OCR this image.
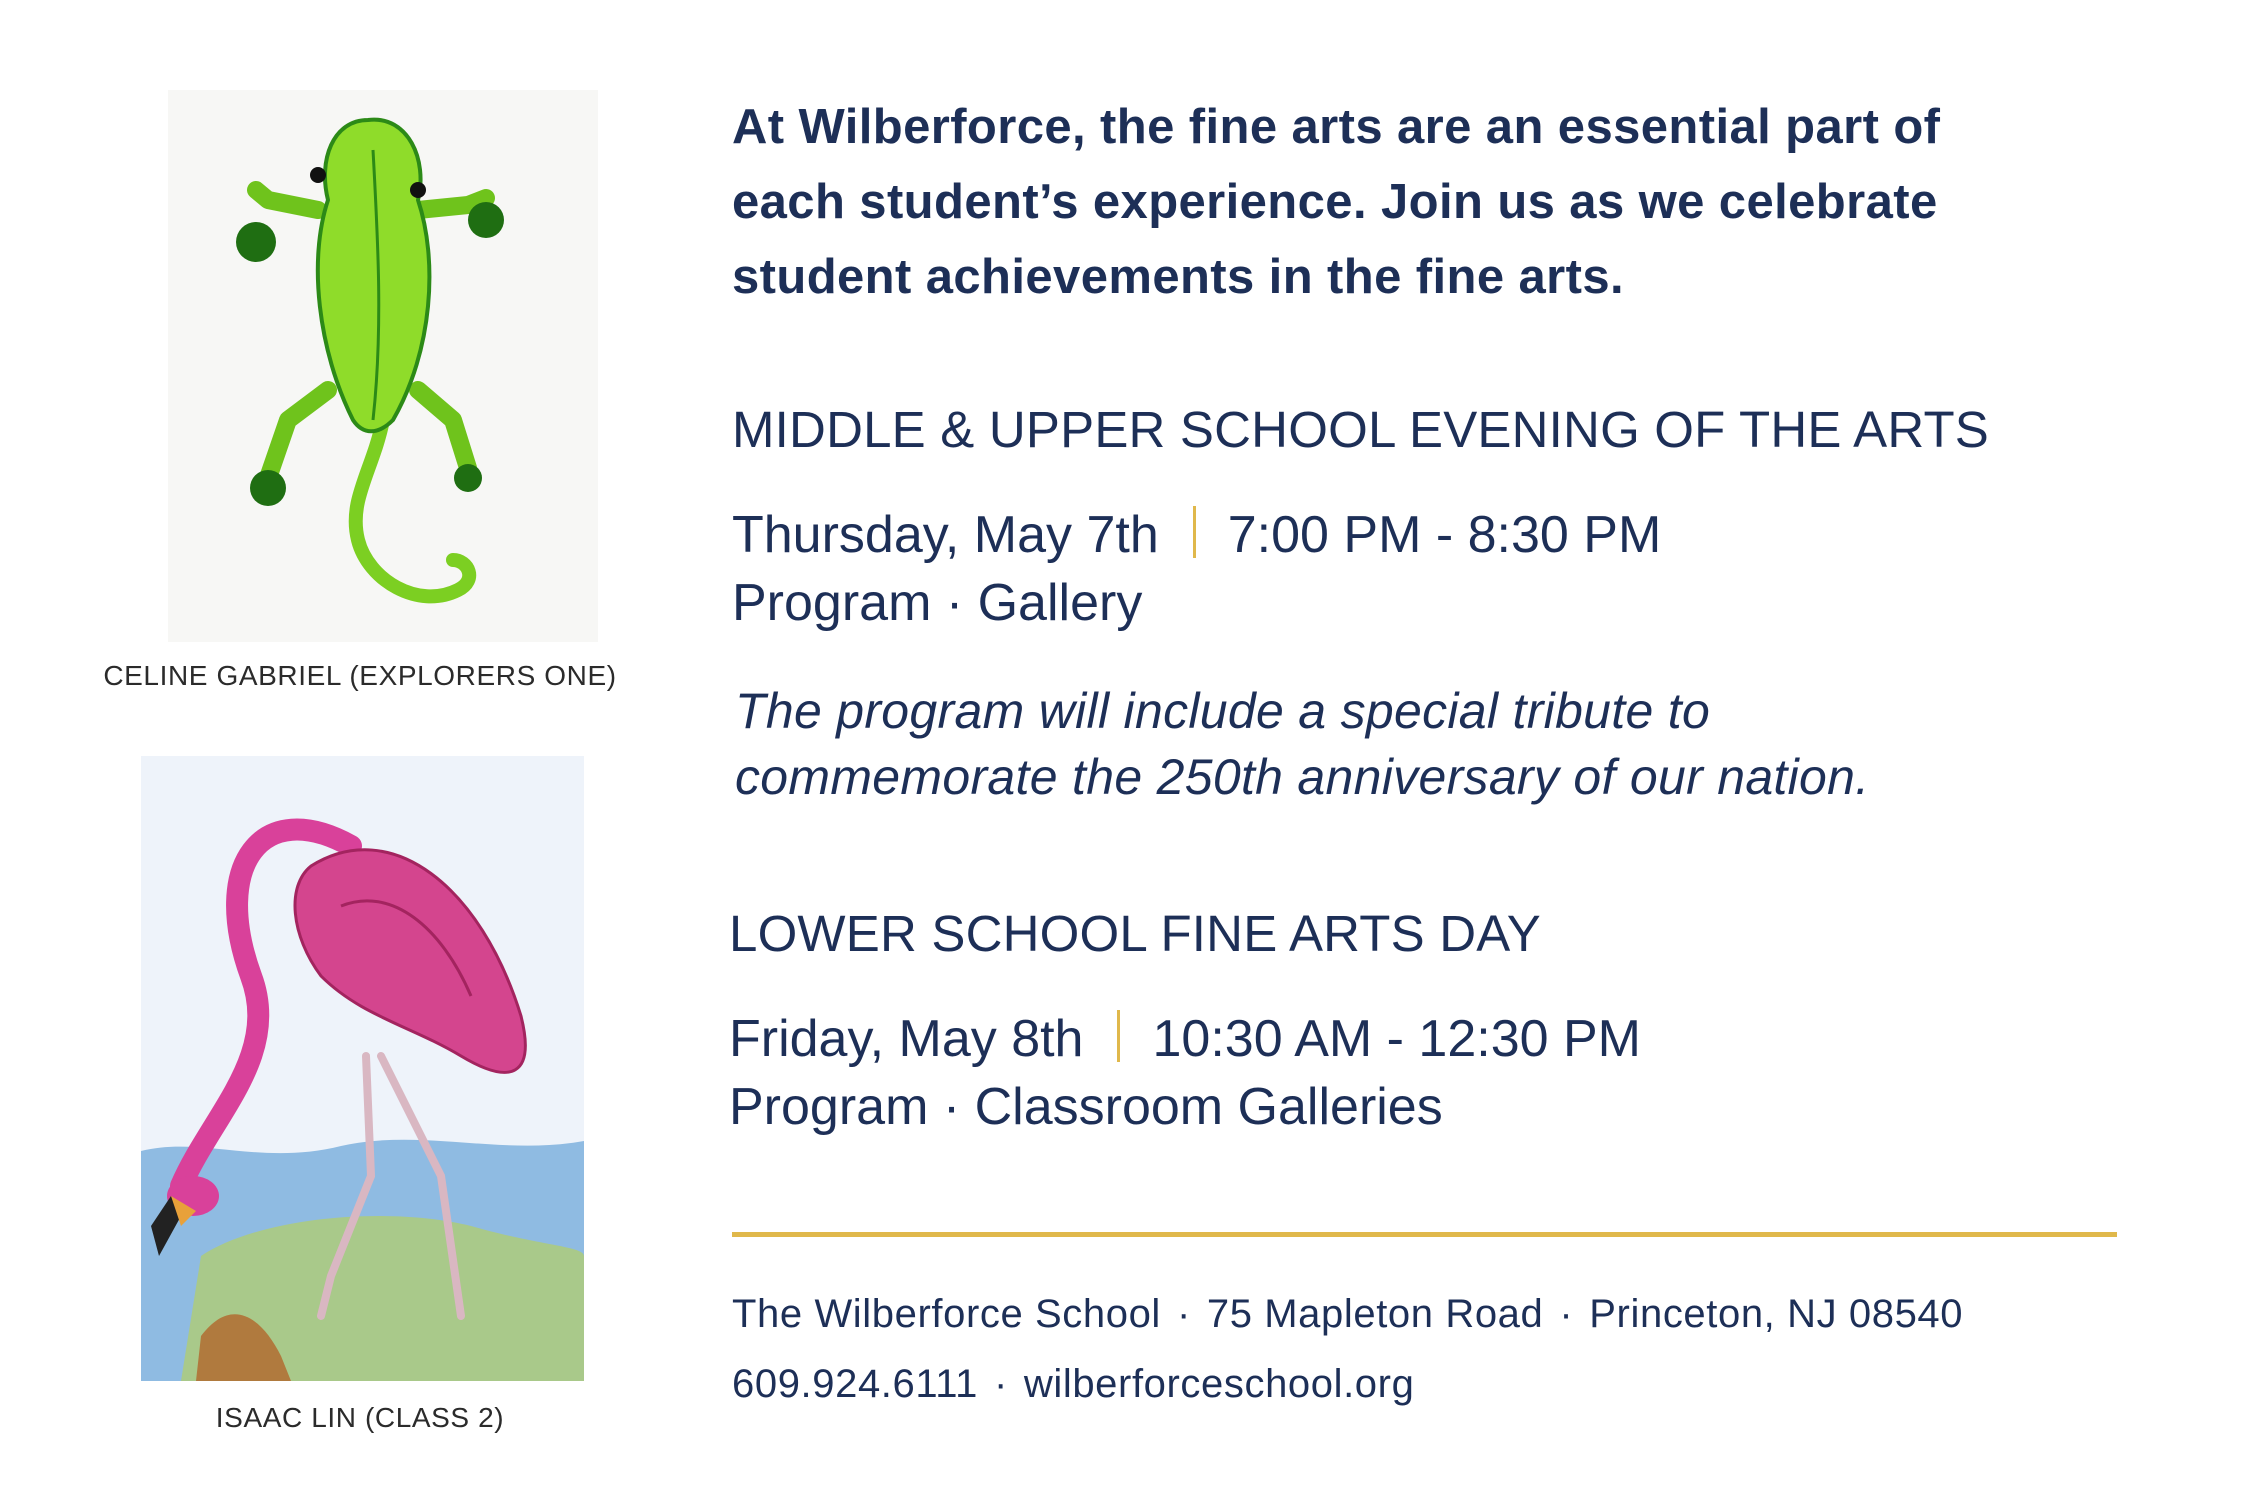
CELINE GABRIEL (EXPLORERS ONE)
ISAAC LIN (CLASS 2)
At Wilberforce, the fine arts are an essential part of
each student’s experience. Join us as we celebrate
student achievements in the fine arts.
MIDDLE & UPPER SCHOOL EVENING OF THE ARTS
Thursday, May 7th 7:00 PM - 8:30 PM
Program · Gallery
The program will include a special tribute to
commemorate the 250th anniversary of our nation.
LOWER SCHOOL FINE ARTS DAY
Friday, May 8th 10:30 AM - 12:30 PM
Program · Classroom Galleries
The Wilberforce School · 75 Mapleton Road · Princeton, NJ 08540
609.924.6111 · wilberforceschool.org
